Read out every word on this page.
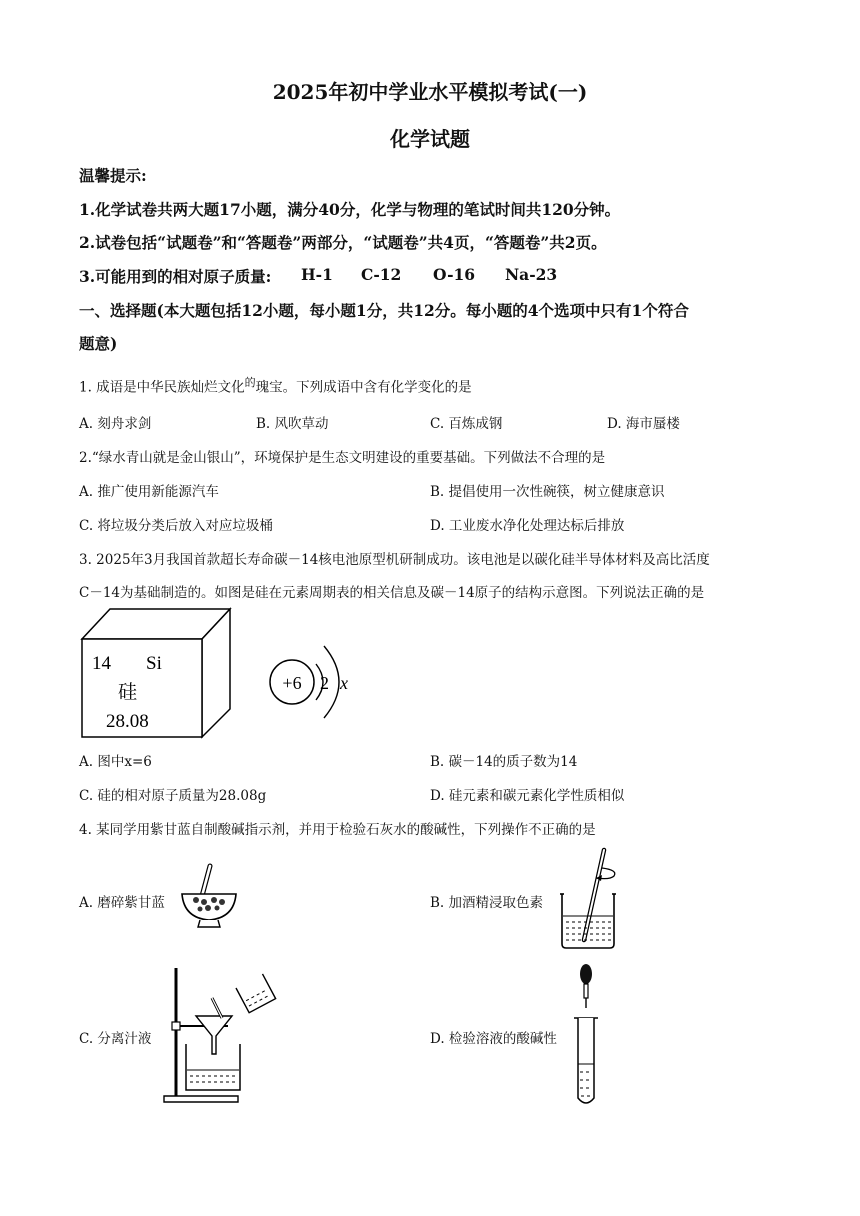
2025年初中学业水平模拟考试(一)
化学试题
温馨提示:
1.化学试卷共两大题17小题，满分40分，化学与物理的笔试时间共120分钟。
2.试卷包括“试题卷”和“答题卷”两部分，“试题卷”共4页，“答题卷”共2页。
3.可能用到的相对原子质量: H-1 C-12 O-16 Na-23
一、选择题(本大题包括12小题，每小题1分，共12分。每小题的4个选项中只有1个符合
题意)
1. 成语是中华民族灿烂文化$^的$瑰宝。下列成语中含有化学变化的是
A. 刻舟求剑	B. 风吹草动	C. 百炼成钢	D. 海市蜃楼
2.“绿水青山就是金山银山”，环境保护是生态文明建设的重要基础。下列做法不合理的是
A. 推广使用新能源汽车	B. 提倡使用一次性碗筷，树立健康意识
C. 将垃圾分类后放入对应垃圾桶	D. 工业废水净化处理达标后排放
3. 2025年3月我国首款超长寿命碳－14核电池原型机研制成功。该电池是以碳化硅半导体材料及高比活度
C－14为基础制造的。如图是硅在元素周期表的相关信息及碳－14原子的结构示意图。下列说法正确的是
14 Si
硅
28.08
+6 2 x
A. 图中x=6	B. 碳－14的质子数为14
C. 硅的相对原子质量为28.08g	D. 硅元素和碳元素化学性质相似
4. 某同学用紫甘蓝自制酸碱指示剂，并用于检验石灰水的酸碱性，下列操作不正确的是
A. 磨碎紫甘蓝	B. 加酒精浸取色素
C. 分离汁液	D. 检验溶液的酸碱性
